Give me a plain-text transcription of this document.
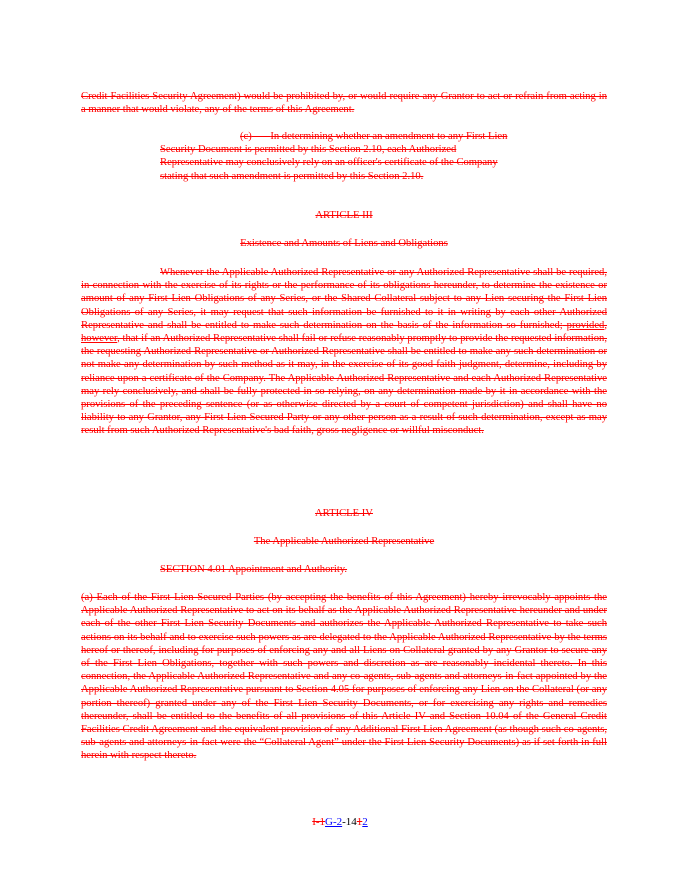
Credit Facilities Security Agreement) would be prohibited by, or would require any Grantor to act or refrain from acting in a manner that would violate, any of the terms of this Agreement.
(c) In determining whether an amendment to any First Lien Security Document is permitted by this Section 2.10, each Authorized Representative may conclusively rely on an officer's certificate of the Company stating that such amendment is permitted by this Section 2.10.
ARTICLE III
Existence and Amounts of Liens and Obligations
Whenever the Applicable Authorized Representative or any Authorized Representative shall be required, in connection with the exercise of its rights or the performance of its obligations hereunder, to determine the existence or amount of any First Lien Obligations of any Series, or the Shared Collateral subject to any Lien securing the First Lien Obligations of any Series, it may request that such information be furnished to it in writing by each other Authorized Representative and shall be entitled to make such determination on the basis of the information so furnished; provided, however, that if an Authorized Representative shall fail or refuse reasonably promptly to provide the requested information, the requesting Authorized Representative or Authorized Representative shall be entitled to make any such determination or not make any determination by such method as it may, in the exercise of its good faith judgment, determine, including by reliance upon a certificate of the Company. The Applicable Authorized Representative and each Authorized Representative may rely conclusively, and shall be fully protected in so relying, on any determination made by it in accordance with the provisions of the preceding sentence (or as otherwise directed by a court of competent jurisdiction) and shall have no liability to any Grantor, any First Lien Secured Party or any other person as a result of such determination, except as may result from such Authorized Representative's bad faith, gross negligence or willful misconduct.
ARTICLE IV
The Applicable Authorized Representative
SECTION 4.01 Appointment and Authority.
(a) Each of the First Lien Secured Parties (by accepting the benefits of this Agreement) hereby irrevocably appoints the Applicable Authorized Representative to act on its behalf as the Applicable Authorized Representative hereunder and under each of the other First Lien Security Documents and authorizes the Applicable Authorized Representative to take such actions on its behalf and to exercise such powers as are delegated to the Applicable Authorized Representative by the terms hereof or thereof, including for purposes of enforcing any and all Liens on Collateral granted by any Grantor to secure any of the First Lien Obligations, together with such powers and discretion as are reasonably incidental thereto. In this connection, the Applicable Authorized Representative and any co-agents, sub-agents and attorneys-in-fact appointed by the Applicable Authorized Representative pursuant to Section 4.05 for purposes of enforcing any Lien on the Collateral (or any portion thereof) granted under any of the First Lien Security Documents, or for exercising any rights and remedies thereunder, shall be entitled to the benefits of all provisions of this Article IV and Section 10.04 of the General Credit Facilities Credit Agreement and the equivalent provision of any Additional First Lien Agreement (as though such co-agents, sub-agents and attorneys-in-fact were the “Collateral Agent” under the First Lien Security Documents) as if set forth in full herein with respect thereto.
I-1G-2-1412
